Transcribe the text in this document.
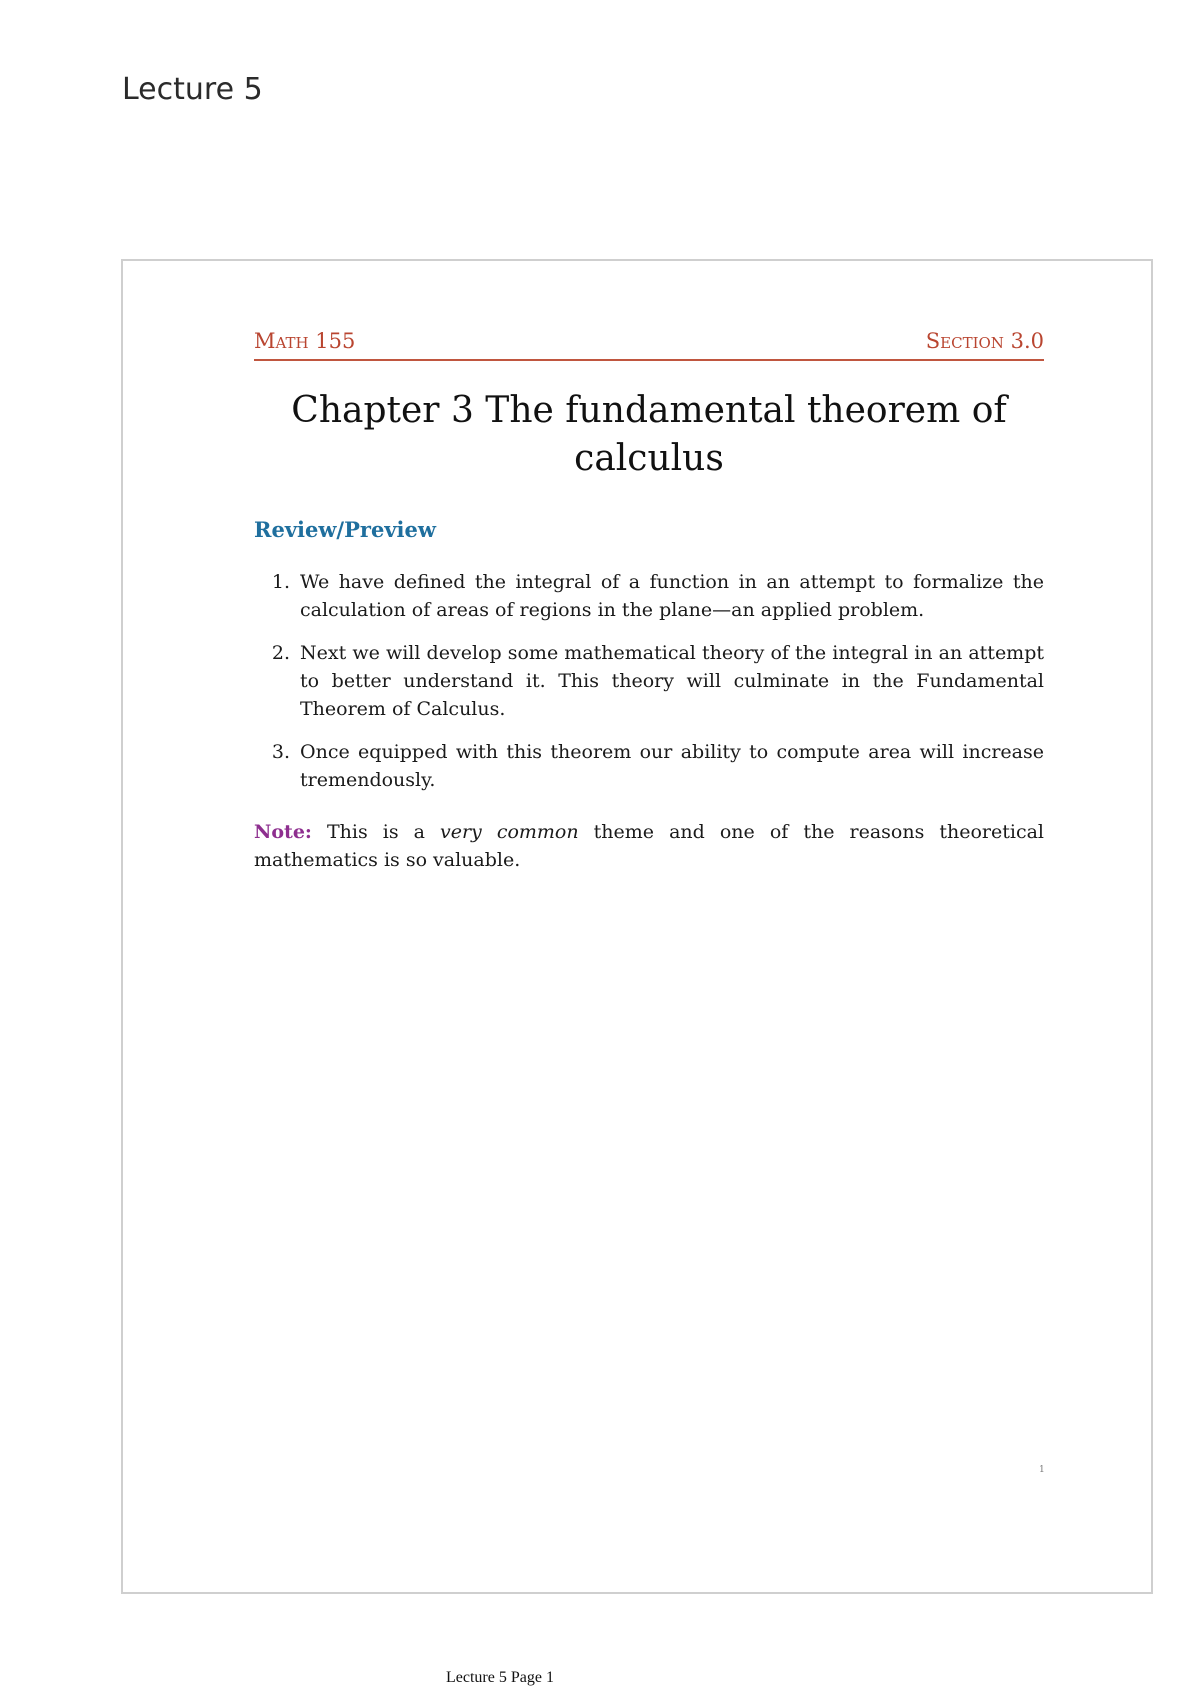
Lecture 5
Math 155	Section 3.0
Chapter 3 The fundamental theorem of calculus
Review/Preview
1. We have defined the integral of a function in an attempt to formalize the calculation of areas of regions in the plane—an applied problem.
2. Next we will develop some mathematical theory of the integral in an attempt to better understand it. This theory will culminate in the Fundamental Theorem of Calculus.
3. Once equipped with this theorem our ability to compute area will increase tremendously.

Note: This is a very common theme and one of the reasons theoretical mathematics is so valuable.

1
Lecture 5 Page 1
